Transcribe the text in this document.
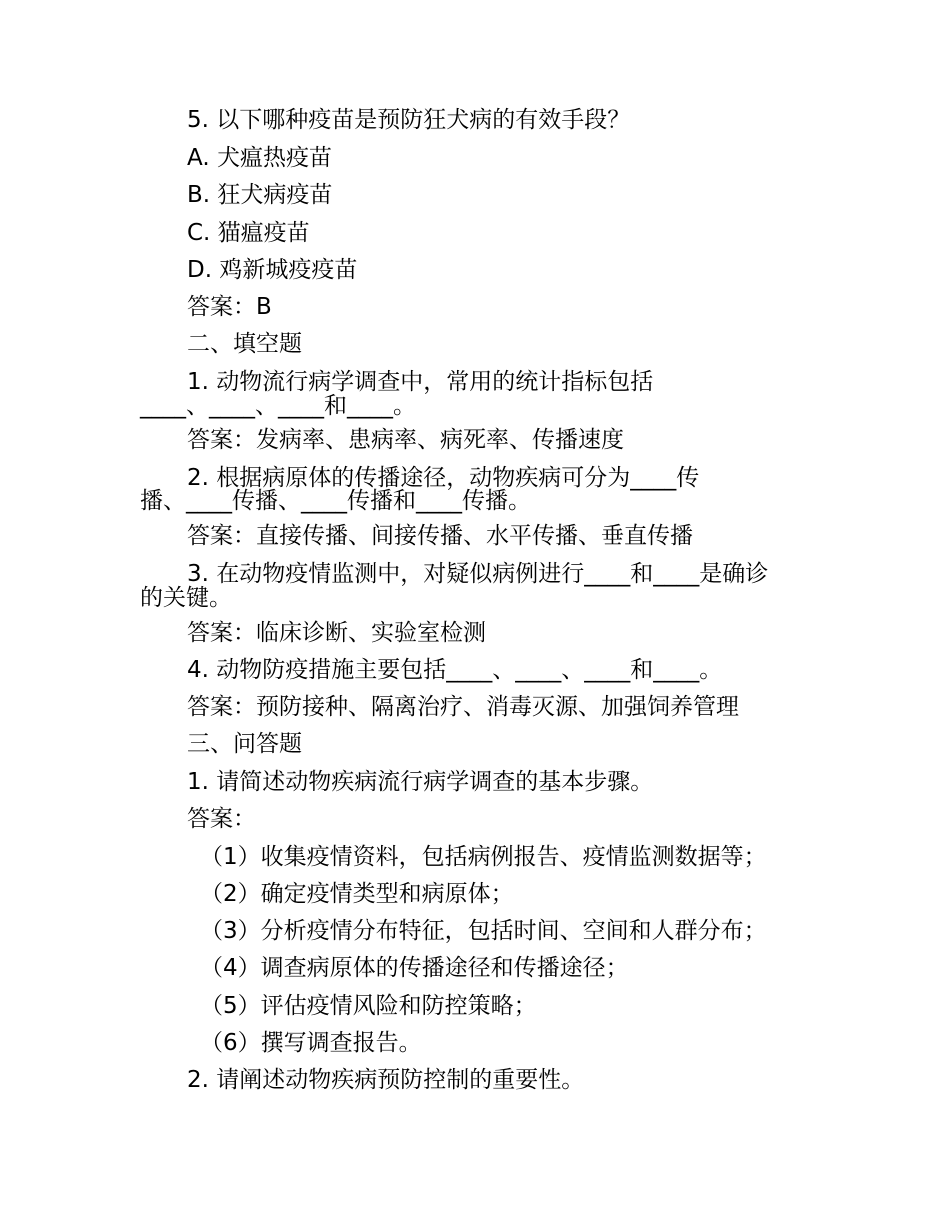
5. 以下哪种疫苗是预防狂犬病的有效手段？
A. 犬瘟热疫苗
B. 狂犬病疫苗
C. 猫瘟疫苗
D. 鸡新城疫疫苗
答案：B
二、填空题
1. 动物流行病学调查中，常用的统计指标包括
____、____、____和____。
答案：发病率、患病率、病死率、传播速度
2. 根据病原体的传播途径，动物疾病可分为____传
播、____传播、____传播和____传播。
答案：直接传播、间接传播、水平传播、垂直传播
3. 在动物疫情监测中，对疑似病例进行____和____是确诊
的关键。
答案：临床诊断、实验室检测
4. 动物防疫措施主要包括____、____、____和____。
答案：预防接种、隔离治疗、消毒灭源、加强饲养管理
三、问答题
1. 请简述动物疾病流行病学调查的基本步骤。
答案：
（1）收集疫情资料，包括病例报告、疫情监测数据等；
（2）确定疫情类型和病原体；
（3）分析疫情分布特征，包括时间、空间和人群分布；
（4）调查病原体的传播途径和传播途径；
（5）评估疫情风险和防控策略；
（6）撰写调查报告。
2. 请阐述动物疾病预防控制的重要性。
